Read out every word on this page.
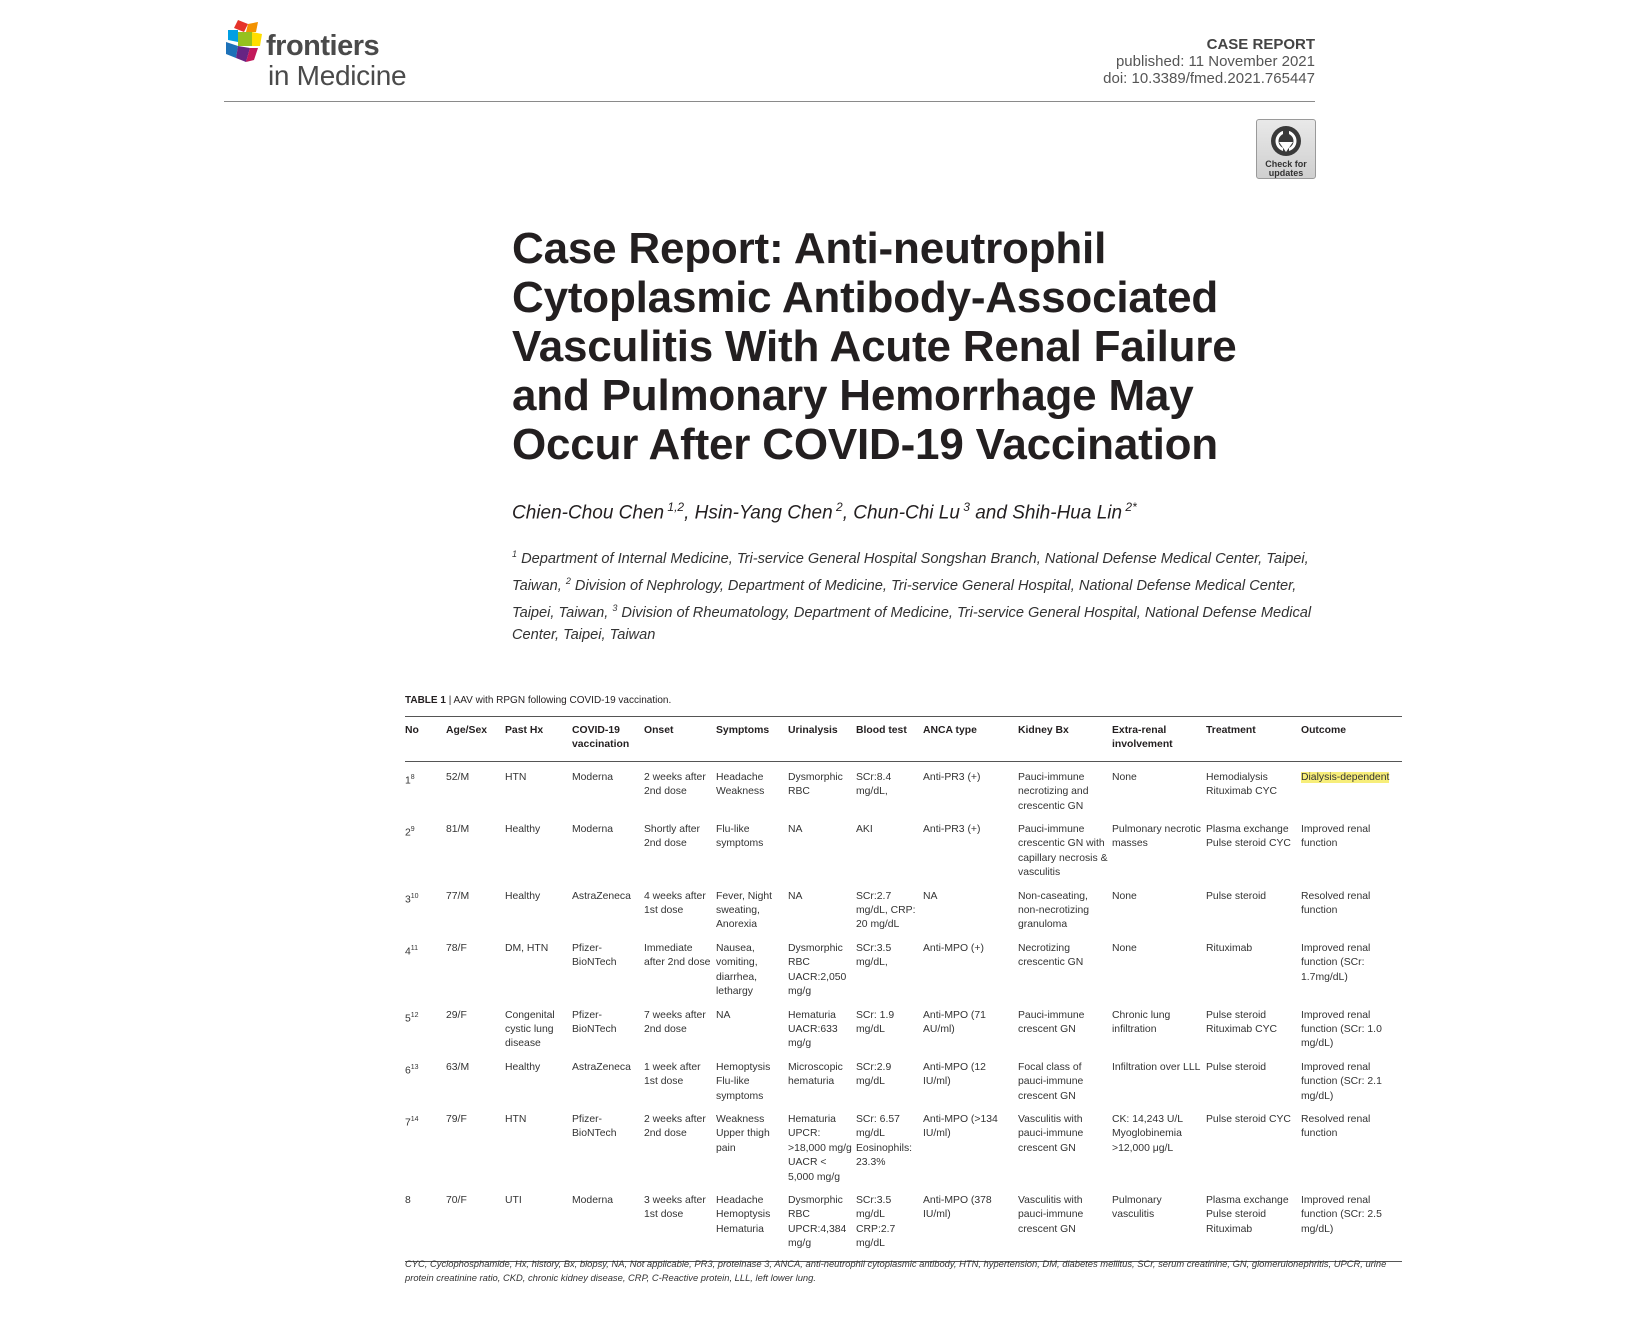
frontiers
in Medicine
CASE REPORT
published: 11 November 2021
doi: 10.3389/fmed.2021.765447
Check for
updates
Case Report: Anti-neutrophil Cytoplasmic Antibody-Associated Vasculitis With Acute Renal Failure and Pulmonary Hemorrhage May Occur After COVID-19 Vaccination
Chien-Chou Chen $^{1,2}$, Hsin-Yang Chen $^2$, Chun-Chi Lu $^3$ and Shih-Hua Lin $^{2*}$

$^1$ Department of Internal Medicine, Tri-service General Hospital Songshan Branch, National Defense Medical Center, Taipei, Taiwan, $^2$ Division of Nephrology, Department of Medicine, Tri-service General Hospital, National Defense Medical Center, Taipei, Taiwan, $^3$ Division of Rheumatology, Department of Medicine, Tri-service General Hospital, National Defense Medical Center, Taipei, Taiwan

TABLE 1 | AAV with RPGN following COVID-19 vaccination.
No	Age/Sex	Past Hx	COVID-19 vaccination	Onset	Symptoms	Urinalysis	Blood test	ANCA type	Kidney Bx	Extra-renal involvement	Treatment	Outcome
$1^8$	52/M	HTN	Moderna	2 weeks after 2nd dose	Headache Weakness	Dysmorphic RBC	SCr:8.4 mg/dL,	Anti-PR3 (+)	Pauci-immune necrotizing and crescentic GN	None	Hemodialysis Rituximab CYC	Dialysis-dependent
$2^9$	81/M	Healthy	Moderna	Shortly after 2nd dose	Flu-like symptoms	NA	AKI	Anti-PR3 (+)	Pauci-immune crescentic GN with capillary necrosis & vasculitis	Pulmonary necrotic masses	Plasma exchange Pulse steroid CYC	Improved renal function
$3^{10}$	77/M	Healthy	AstraZeneca	4 weeks after 1st dose	Fever, Night sweating, Anorexia	NA	SCr:2.7 mg/dL, CRP: 20 mg/dL	NA	Non-caseating, non-necrotizing granuloma	None	Pulse steroid	Resolved renal function
$4^{11}$	78/F	DM, HTN	Pfizer-BioNTech	Immediate after 2nd dose	Nausea, vomiting, diarrhea, lethargy	Dysmorphic RBC UACR:2,050 mg/g	SCr:3.5 mg/dL,	Anti-MPO (+)	Necrotizing crescentic GN	None	Rituximab	Improved renal function (SCr: 1.7mg/dL)
$5^{12}$	29/F	Congenital cystic lung disease	Pfizer-BioNTech	7 weeks after 2nd dose	NA	Hematuria UACR:633 mg/g	SCr: 1.9 mg/dL	Anti-MPO (71 AU/ml)	Pauci-immune crescent GN	Chronic lung infiltration	Pulse steroid Rituximab CYC	Improved renal function (SCr: 1.0 mg/dL)
$6^{13}$	63/M	Healthy	AstraZeneca	1 week after 1st dose	Hemoptysis Flu-like symptoms	Microscopic hematuria	SCr:2.9 mg/dL	Anti-MPO (12 IU/ml)	Focal class of pauci-immune crescent GN	Infiltration over LLL	Pulse steroid	Improved renal function (SCr: 2.1 mg/dL)
$7^{14}$	79/F	HTN	Pfizer-BioNTech	2 weeks after 2nd dose	Weakness Upper thigh pain	Hematuria UPCR: >18,000 mg/g UACR < 5,000 mg/g	SCr: 6.57 mg/dL Eosinophils: 23.3%	Anti-MPO (>134 IU/ml)	Vasculitis with pauci-immune crescent GN	CK: 14,243 U/L Myoglobinemia >12,000 μg/L	Pulse steroid CYC	Resolved renal function
8	70/F	UTI	Moderna	3 weeks after 1st dose	Headache Hemoptysis Hematuria	Dysmorphic RBC UPCR:4,384 mg/g	SCr:3.5 mg/dL CRP:2.7 mg/dL	Anti-MPO (378 IU/ml)	Vasculitis with pauci-immune crescent GN	Pulmonary vasculitis	Plasma exchange Pulse steroid Rituximab	Improved renal function (SCr: 2.5 mg/dL)

CYC, Cyclophosphamide, Hx, history, Bx, biopsy, NA, Not applicable, PR3, proteinase 3, ANCA, anti-neutrophil cytoplasmic antibody, HTN, hypertension, DM, diabetes mellitus, SCr, serum creatinine, GN, glomerulonephritis, UPCR, urine protein creatinine ratio, CKD, chronic kidney disease, CRP, C-Reactive protein, LLL, left lower lung.
